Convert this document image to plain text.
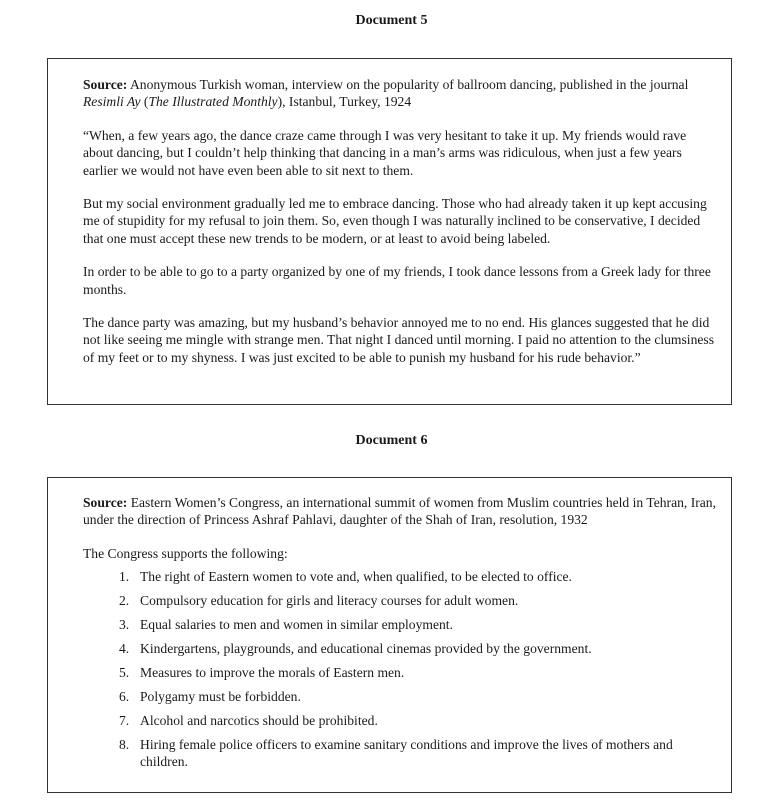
Document 5

Source: Anonymous Turkish woman, interview on the popularity of ballroom dancing, published in the journal Resimli Ay (The Illustrated Monthly), Istanbul, Turkey, 1924

“When, a few years ago, the dance craze came through I was very hesitant to take it up. My friends would rave about dancing, but I couldn’t help thinking that dancing in a man’s arms was ridiculous, when just a few years earlier we would not have even been able to sit next to them.

But my social environment gradually led me to embrace dancing. Those who had already taken it up kept accusing me of stupidity for my refusal to join them. So, even though I was naturally inclined to be conservative, I decided that one must accept these new trends to be modern, or at least to avoid being labeled.

In order to be able to go to a party organized by one of my friends, I took dance lessons from a Greek lady for three months.

The dance party was amazing, but my husband’s behavior annoyed me to no end. His glances suggested that he did not like seeing me mingle with strange men. That night I danced until morning. I paid no attention to the clumsiness of my feet or to my shyness. I was just excited to be able to punish my husband for his rude behavior.”

Document 6

Source: Eastern Women’s Congress, an international summit of women from Muslim countries held in Tehran, Iran, under the direction of Princess Ashraf Pahlavi, daughter of the Shah of Iran, resolution, 1932

The Congress supports the following:

1. The right of Eastern women to vote and, when qualified, to be elected to office.
2. Compulsory education for girls and literacy courses for adult women.
3. Equal salaries to men and women in similar employment.
4. Kindergartens, playgrounds, and educational cinemas provided by the government.
5. Measures to improve the morals of Eastern men.
6. Polygamy must be forbidden.
7. Alcohol and narcotics should be prohibited.
8. Hiring female police officers to examine sanitary conditions and improve the lives of mothers and children.
